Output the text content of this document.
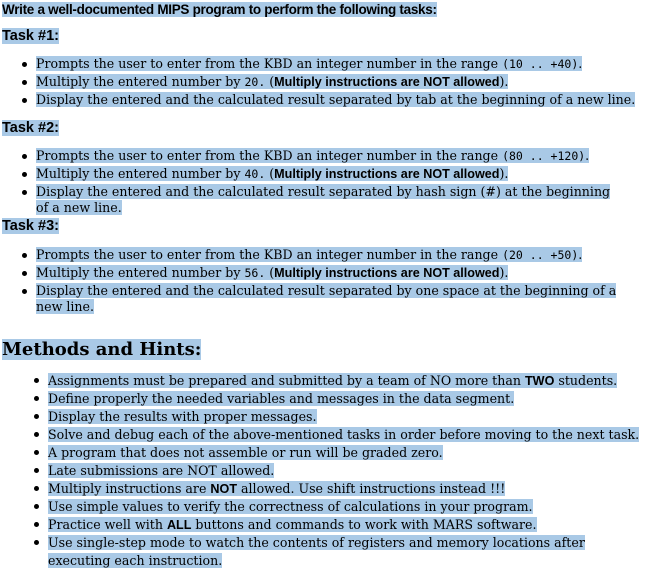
Write a well-documented MIPS program to perform the following tasks:
Task #1:
Prompts the user to enter from the KBD an integer number in the range (10 .. +40).
Multiply the entered number by 20. (Multiply instructions are NOT allowed).
Display the entered and the calculated result separated by tab at the beginning of a new line.
Task #2:
Prompts the user to enter from the KBD an integer number in the range (80 .. +120).
Multiply the entered number by 40. (Multiply instructions are NOT allowed).
Display the entered and the calculated result separated by hash sign (#) at the beginning of a new line.
Task #3:
Prompts the user to enter from the KBD an integer number in the range (20 .. +50).
Multiply the entered number by 56. (Multiply instructions are NOT allowed).
Display the entered and the calculated result separated by one space at the beginning of a new line.
Methods and Hints:
Assignments must be prepared and submitted by a team of NO more than TWO students.
Define properly the needed variables and messages in the data segment.
Display the results with proper messages.
Solve and debug each of the above-mentioned tasks in order before moving to the next task.
A program that does not assemble or run will be graded zero.
Late submissions are NOT allowed.
Multiply instructions are NOT allowed. Use shift instructions instead !!!
Use simple values to verify the correctness of calculations in your program.
Practice well with ALL buttons and commands to work with MARS software.
Use single-step mode to watch the contents of registers and memory locations after executing each instruction.
